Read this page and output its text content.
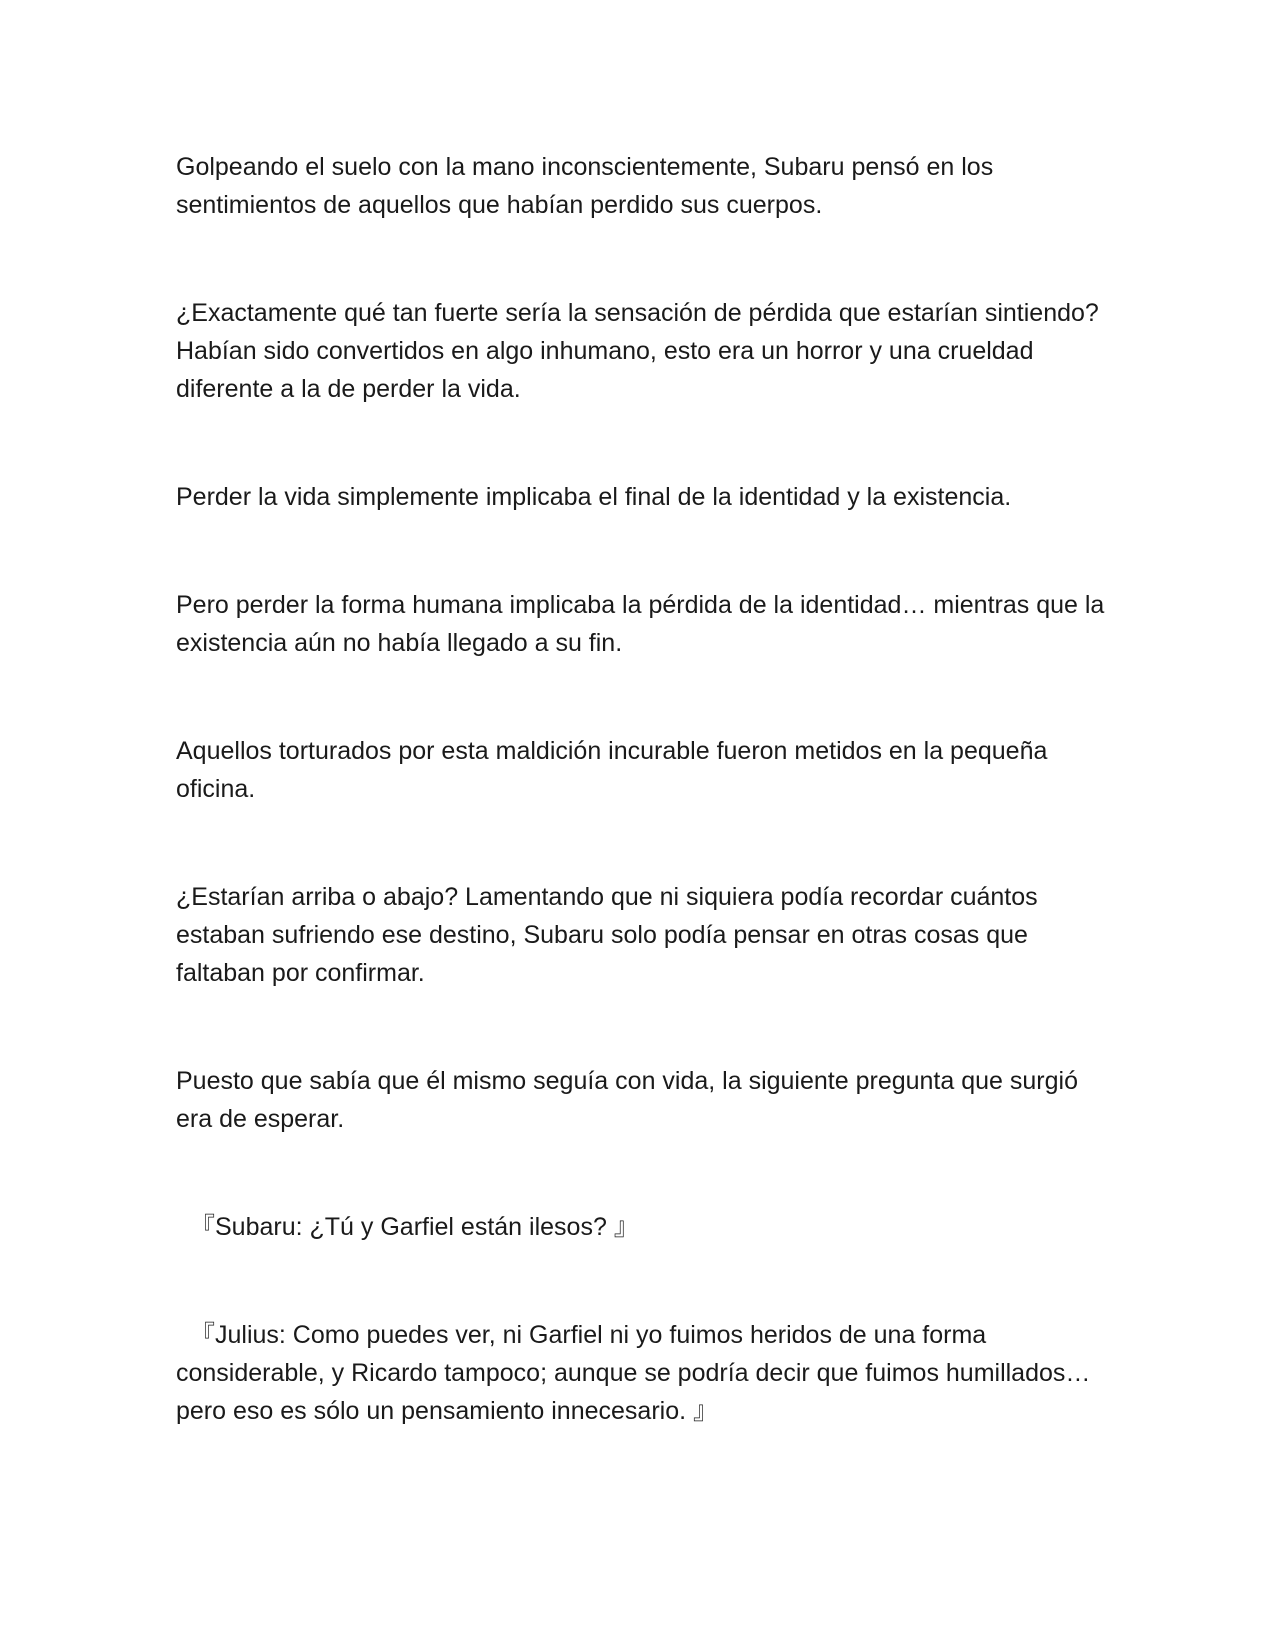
Golpeando el suelo con la mano inconscientemente, Subaru pensó en los sentimientos de aquellos que habían perdido sus cuerpos.

¿Exactamente qué tan fuerte sería la sensación de pérdida que estarían sintiendo? Habían sido convertidos en algo inhumano, esto era un horror y una crueldad diferente a la de perder la vida.

Perder la vida simplemente implicaba el final de la identidad y la existencia.

Pero perder la forma humana implicaba la pérdida de la identidad… mientras que la existencia aún no había llegado a su fin.

Aquellos torturados por esta maldición incurable fueron metidos en la pequeña oficina.

¿Estarían arriba o abajo? Lamentando que ni siquiera podía recordar cuántos estaban sufriendo ese destino, Subaru solo podía pensar en otras cosas que faltaban por confirmar.

Puesto que sabía que él mismo seguía con vida, la siguiente pregunta que surgió era de esperar.

『Subaru: ¿Tú y Garfiel están ilesos? 』

『Julius: Como puedes ver, ni Garfiel ni yo fuimos heridos de una forma considerable, y Ricardo tampoco; aunque se podría decir que fuimos humillados… pero eso es sólo un pensamiento innecesario. 』
